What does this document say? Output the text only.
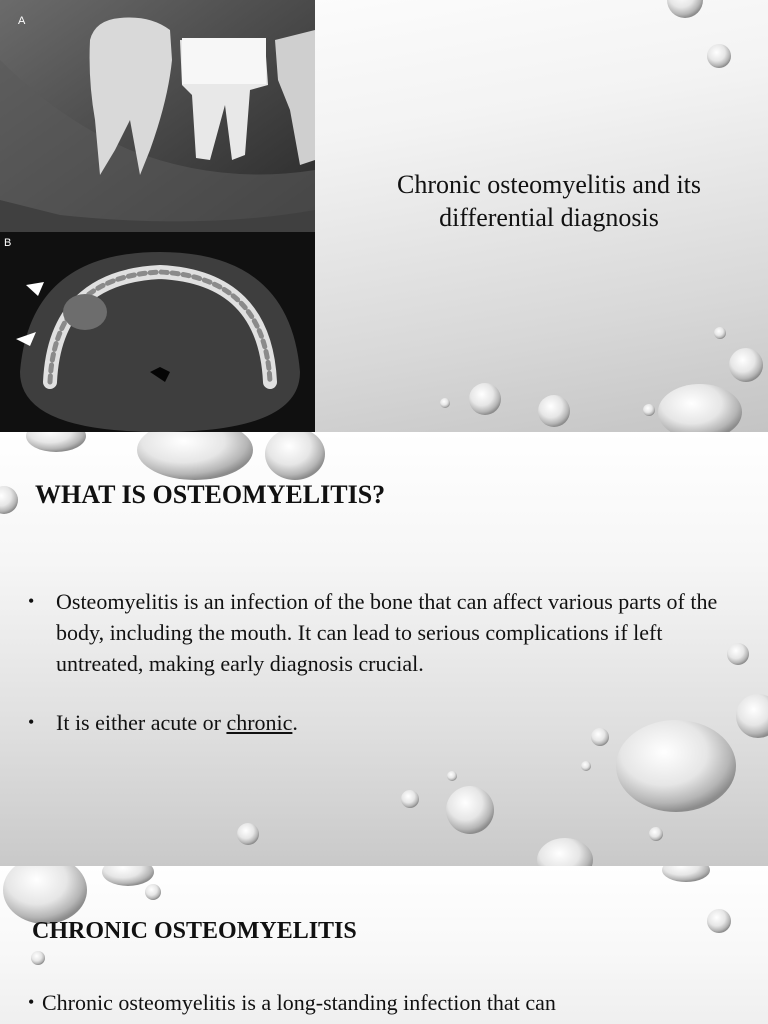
A
B
Chronic osteomyelitis and its differential diagnosis
WHAT IS OSTEOMYELITIS?
• Osteomyelitis is an infection of the bone that can affect various parts of the body, including the mouth. It can lead to serious complications if left untreated, making early diagnosis crucial.
• It is either acute or chronic.
CHRONIC OSTEOMYELITIS
• Chronic osteomyelitis is a long-standing infection that can
